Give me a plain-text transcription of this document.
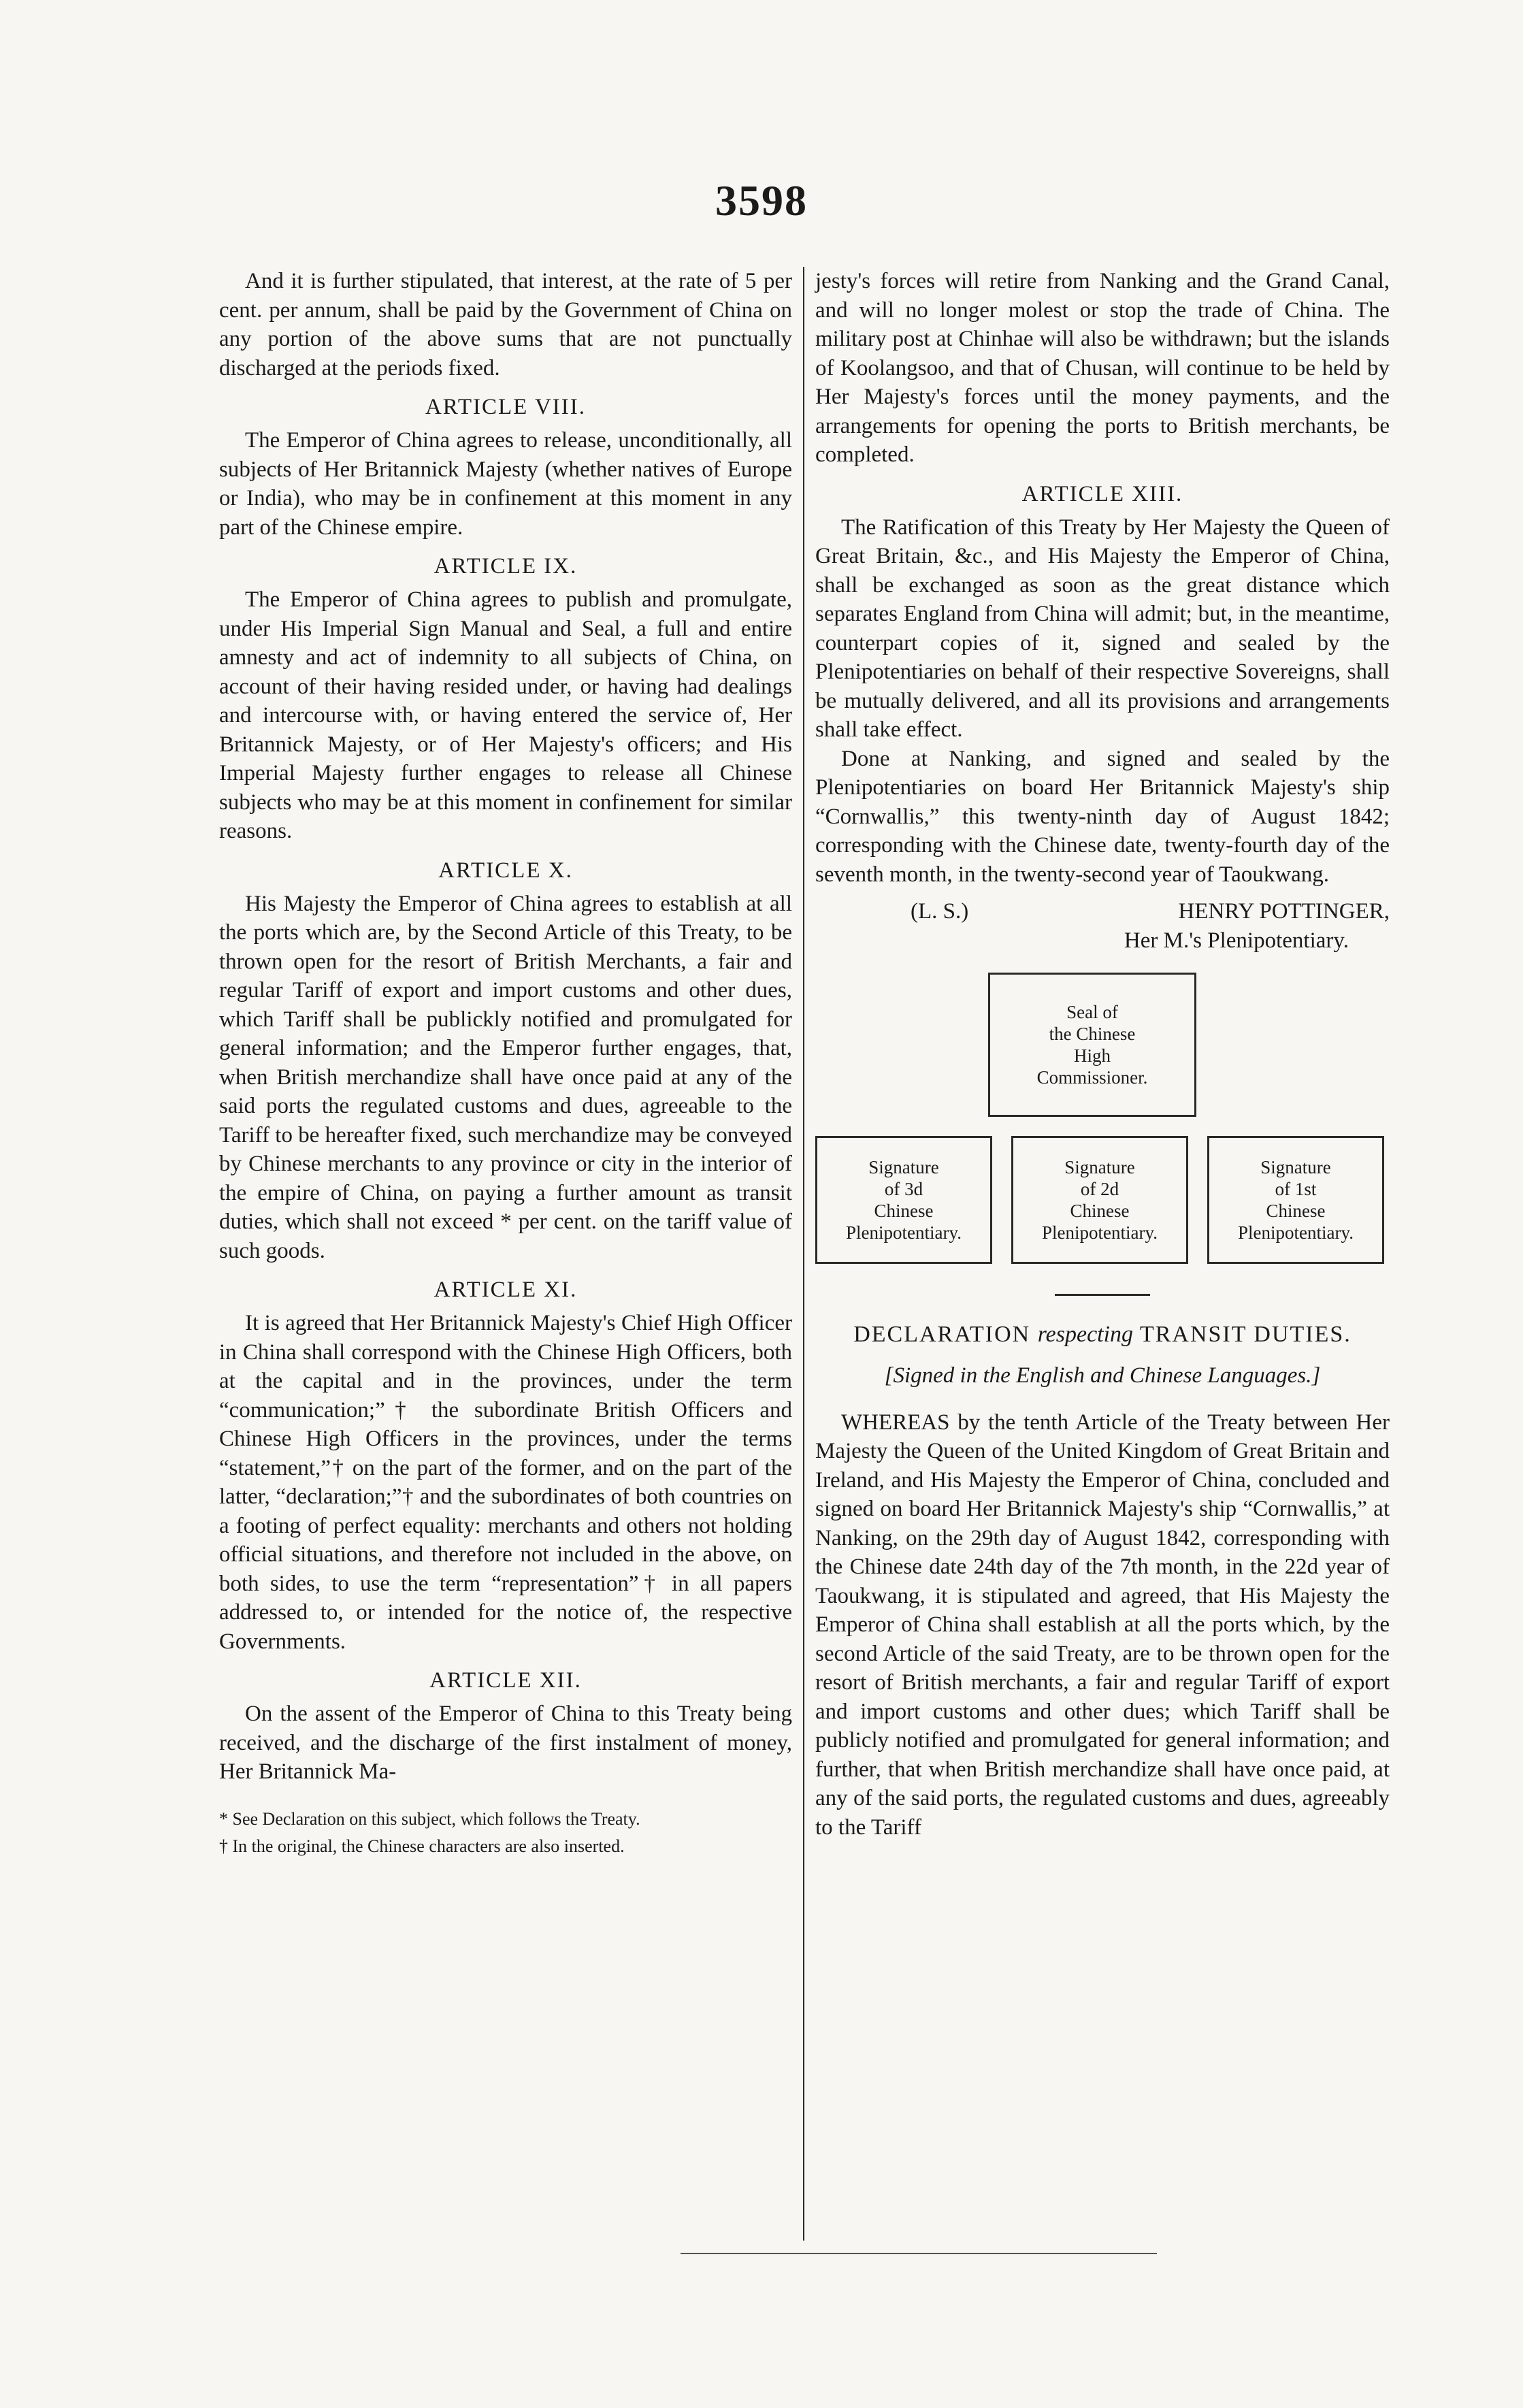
3598

And it is further stipulated, that interest, at the rate of 5 per cent. per annum, shall be paid by the Government of China on any portion of the above sums that are not punctually discharged at the periods fixed.

ARTICLE VIII.

The Emperor of China agrees to release, unconditionally, all subjects of Her Britannick Majesty (whether natives of Europe or India), who may be in confinement at this moment in any part of the Chinese empire.

ARTICLE IX.

The Emperor of China agrees to publish and promulgate, under His Imperial Sign Manual and Seal, a full and entire amnesty and act of indemnity to all subjects of China, on account of their having resided under, or having had dealings and intercourse with, or having entered the service of, Her Britannick Majesty, or of Her Majesty's officers; and His Imperial Majesty further engages to release all Chinese subjects who may be at this moment in confinement for similar reasons.

ARTICLE X.

His Majesty the Emperor of China agrees to establish at all the ports which are, by the Second Article of this Treaty, to be thrown open for the resort of British Merchants, a fair and regular Tariff of export and import customs and other dues, which Tariff shall be publickly notified and promulgated for general information; and the Emperor further engages, that, when British merchandize shall have once paid at any of the said ports the regulated customs and dues, agreeable to the Tariff to be hereafter fixed, such merchandize may be conveyed by Chinese merchants to any province or city in the interior of the empire of China, on paying a further amount as transit duties, which shall not exceed * per cent. on the tariff value of such goods.

ARTICLE XI.

It is agreed that Her Britannick Majesty's Chief High Officer in China shall correspond with the Chinese High Officers, both at the capital and in the provinces, under the term “communication;”† the subordinate British Officers and Chinese High Officers in the provinces, under the terms “statement,”† on the part of the former, and on the part of the latter, “declaration;”† and the subordinates of both countries on a footing of perfect equality: merchants and others not holding official situations, and therefore not included in the above, on both sides, to use the term “representation”† in all papers addressed to, or intended for the notice of, the respective Governments.

ARTICLE XII.

On the assent of the Emperor of China to this Treaty being received, and the discharge of the first instalment of money, Her Britannick Ma-

* See Declaration on this subject, which follows the Treaty.

† In the original, the Chinese characters are also inserted.

jesty's forces will retire from Nanking and the Grand Canal, and will no longer molest or stop the trade of China. The military post at Chinhae will also be withdrawn; but the islands of Koolangsoo, and that of Chusan, will continue to be held by Her Majesty's forces until the money payments, and the arrangements for opening the ports to British merchants, be completed.

ARTICLE XIII.

The Ratification of this Treaty by Her Majesty the Queen of Great Britain, &c., and His Majesty the Emperor of China, shall be exchanged as soon as the great distance which separates England from China will admit; but, in the meantime, counterpart copies of it, signed and sealed by the Plenipotentiaries on behalf of their respective Sovereigns, shall be mutually delivered, and all its provisions and arrangements shall take effect.

Done at Nanking, and signed and sealed by the Plenipotentiaries on board Her Britannick Majesty's ship “Cornwallis,” this twenty-ninth day of August 1842; corresponding with the Chinese date, twenty-fourth day of the seventh month, in the twenty-second year of Taoukwang.

(L. S.)	HENRY POTTINGER,
Her M.'s Plenipotentiary.
Seal of
the Chinese
High
Commissioner.
Signature
of 3d
Chinese
Plenipotentiary.
Signature
of 2d
Chinese
Plenipotentiary.
Signature
of 1st
Chinese
Plenipotentiary.
DECLARATION respecting TRANSIT DUTIES.

[Signed in the English and Chinese Languages.]

WHEREAS by the tenth Article of the Treaty between Her Majesty the Queen of the United Kingdom of Great Britain and Ireland, and His Majesty the Emperor of China, concluded and signed on board Her Britannick Majesty's ship “Cornwallis,” at Nanking, on the 29th day of August 1842, corresponding with the Chinese date 24th day of the 7th month, in the 22d year of Taoukwang, it is stipulated and agreed, that His Majesty the Emperor of China shall establish at all the ports which, by the second Article of the said Treaty, are to be thrown open for the resort of British merchants, a fair and regular Tariff of export and import customs and other dues; which Tariff shall be publicly notified and promulgated for general information; and further, that when British merchandize shall have once paid, at any of the said ports, the regulated customs and dues, agreeably to the Tariff
